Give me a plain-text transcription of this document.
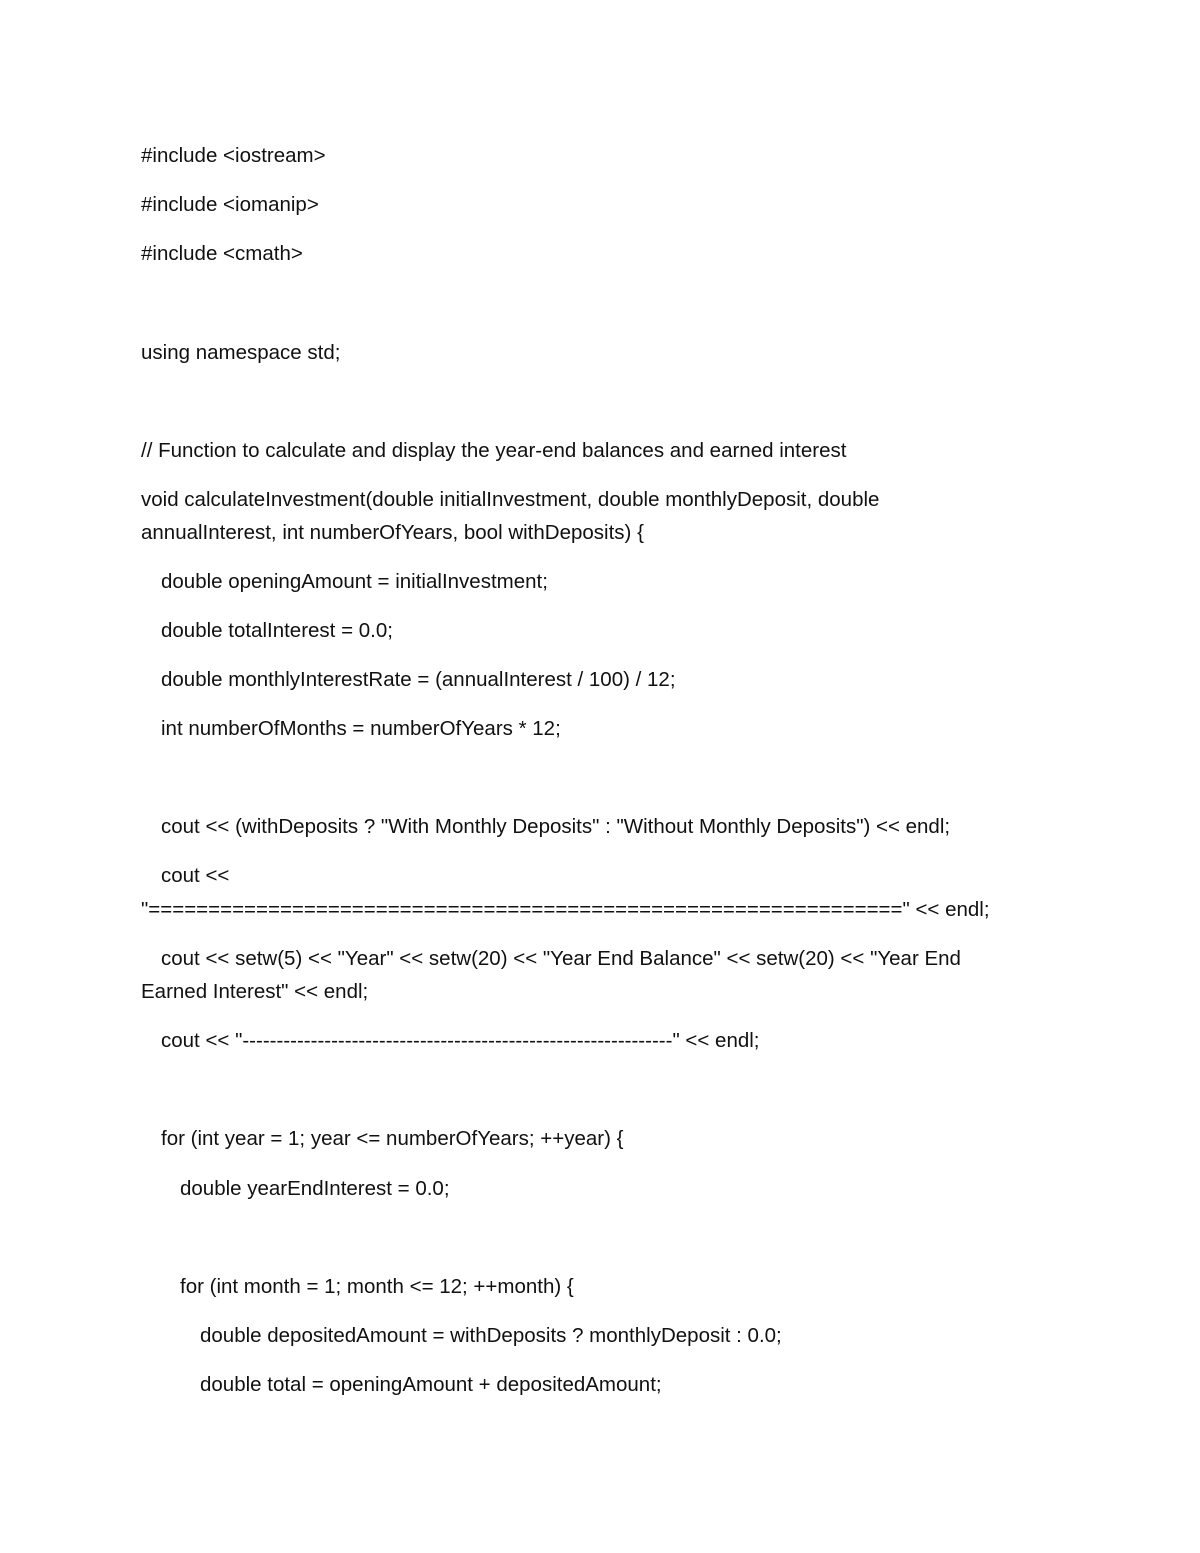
#include <iostream>
#include <iomanip>
#include <cmath>
using namespace std;
// Function to calculate and display the year-end balances and earned interest
void calculateInvestment(double initialInvestment, double monthlyDeposit, double
annualInterest, int numberOfYears, bool withDeposits) {
double openingAmount = initialInvestment;
double totalInterest = 0.0;
double monthlyInterestRate = (annualInterest / 100) / 12;
int numberOfMonths = numberOfYears * 12;
cout << (withDeposits ? "With Monthly Deposits" : "Without Monthly Deposits") << endl;
cout <<
"===============================================================" << endl;
cout << setw(5) << "Year" << setw(20) << "Year End Balance" << setw(20) << "Year End
Earned Interest" << endl;
cout << "---------------------------------------------------------------" << endl;
for (int year = 1; year <= numberOfYears; ++year) {
double yearEndInterest = 0.0;
for (int month = 1; month <= 12; ++month) {
double depositedAmount = withDeposits ? monthlyDeposit : 0.0;
double total = openingAmount + depositedAmount;
